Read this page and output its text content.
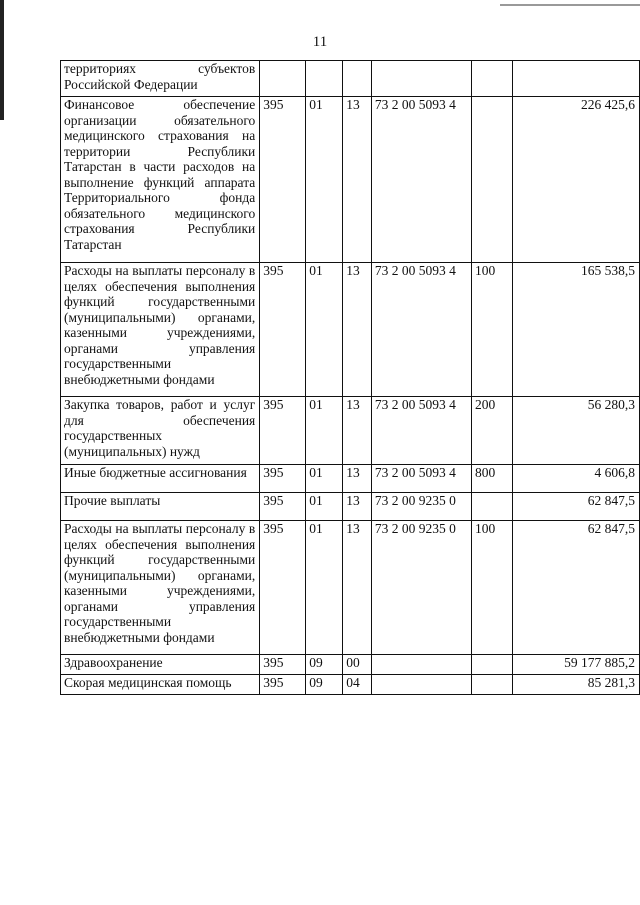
11
территориях субъектов Российской Федерации						
Финансовое обеспечение организации обязательного медицинского страхования на территории Республики Татарстан в части расходов на выполнение функций аппарата Территориального фонда обязательного медицинского страхования Республики Татарстан	395	01	13	73 2 00 5093 4		226 425,6
Расходы на выплаты персоналу в целях обеспечения выполнения функций государственными (муниципальными) органами, казенными учреждениями, органами управления государственными внебюджетными фондами	395	01	13	73 2 00 5093 4	100	165 538,5
Закупка товаров, работ и услуг для обеспечения государственных (муниципальных) нужд	395	01	13	73 2 00 5093 4	200	56 280,3
Иные бюджетные ассигнования	395	01	13	73 2 00 5093 4	800	4 606,8
Прочие выплаты	395	01	13	73 2 00 9235 0		62 847,5
Расходы на выплаты персоналу в целях обеспечения выполнения функций государственными (муниципальными) органами, казенными учреждениями, органами управления государственными внебюджетными фондами	395	01	13	73 2 00 9235 0	100	62 847,5
Здравоохранение	395	09	00			59 177 885,2
Скорая медицинская помощь	395	09	04			85 281,3
